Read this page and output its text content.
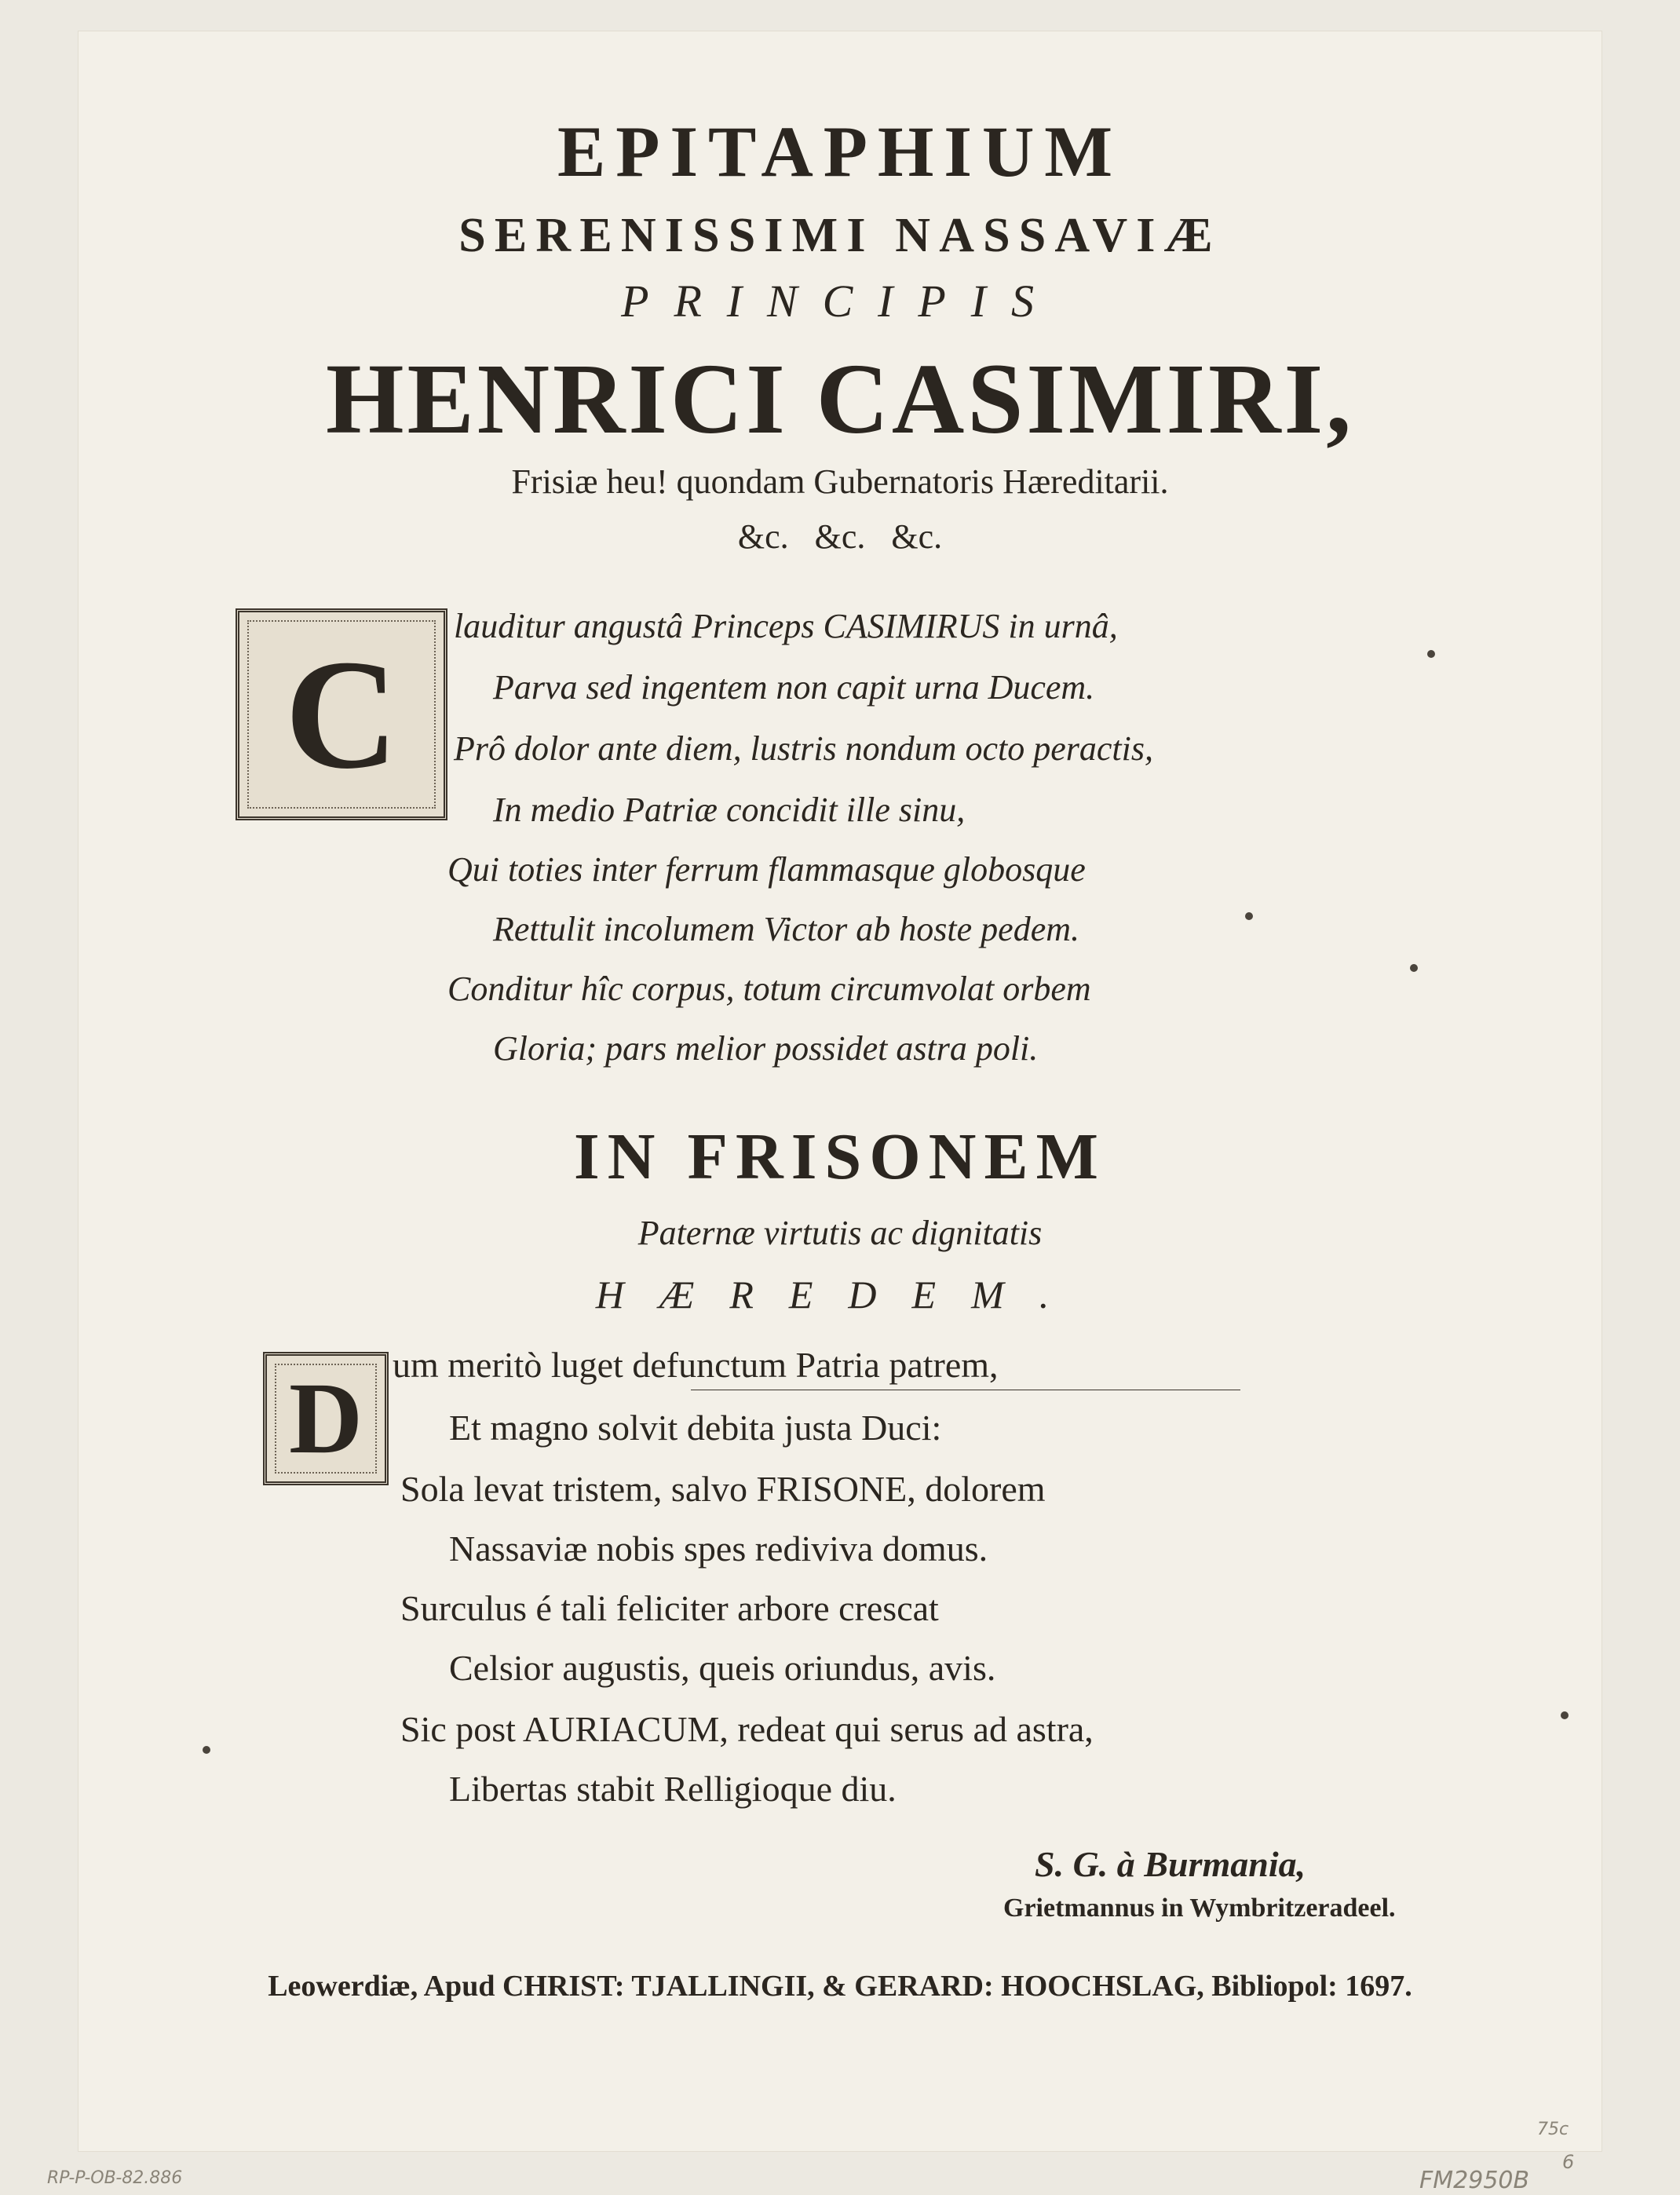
EPITAPHIUM
SERENISSIMI NASSAVIÆ
PRINCIPIS
HENRICI CASIMIRI,
Frisiæ heu! quondam Gubernatoris Hæreditarii.
&c.   &c.   &c.
C
lauditur angustâ Princeps CASIMIRUS in urnâ,
Parva sed ingentem non capit urna Ducem.
Prô dolor ante diem, lustris nondum octo peractis,
In medio Patriæ concidit ille sinu,
Qui toties inter ferrum flammasque globosque
Rettulit incolumem Victor ab hoste pedem.
Conditur hîc corpus, totum circumvolat orbem
Gloria; pars melior possidet astra poli.
IN FRISONEM
Paternæ virtutis ac dignitatis
HÆREDEM.
D um meritò luget defunctum Patria patrem,
Et magno solvit debita justa Duci:
Sola levat tristem, salvo FRISONE, dolorem
Nassaviæ nobis spes rediviva domus.
Surculus é tali feliciter arbore crescat
Celsior augustis, queis oriundus, avis.
Sic post AURIACUM, redeat qui serus ad astra,
Libertas stabit Relligioque diu.
S. G. à Burmania,
Grietmannus in Wymbritzeradeel.
Leowerdiæ, Apud CHRIST: TJALLINGII, & GERARD: HOOCHSLAG, Bibliopol: 1697.
RP-P-OB-82.886	FM2950B
6
75c
